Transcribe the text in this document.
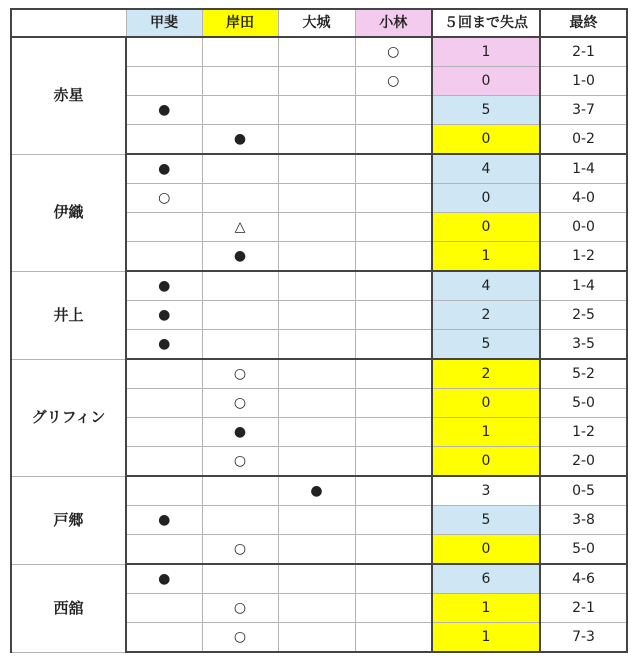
	甲斐	岸田	大城	小林	５回まで失点	最終
赤星				○	1	2-1
				○	0	1-0
	●				5	3-7
		●			0	0-2
伊織	●				4	1-4
	○				0	4-0
		△			0	0-0
		●			1	1-2
井上	●				4	1-4
	●				2	2-5
	●				5	3-5
グリフィン		○			2	5-2
		○			0	5-0
		●			1	1-2
		○			0	2-0
戸郷			●		3	0-5
	●				5	3-8
		○			0	5-0
西舘	●				6	4-6
		○			1	2-1
		○			1	7-3
